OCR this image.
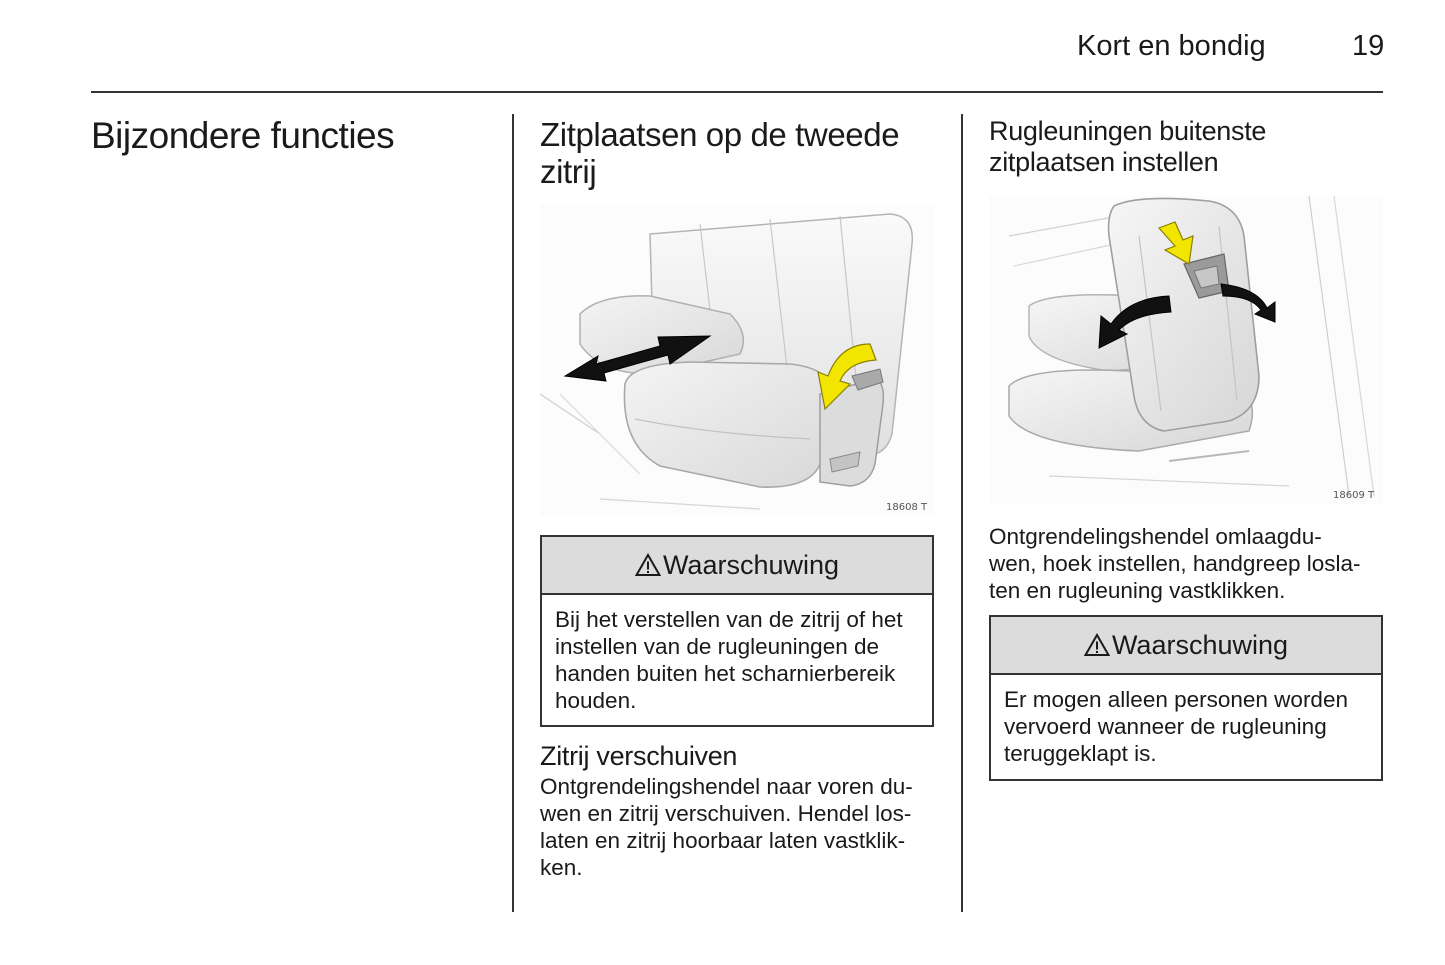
Kort en bondig	19
Bijzondere functies	Zitplaatsen op de tweede zitrij
18608 T
Waarschuwing
Bij het verstellen van de zitrij of het instellen van de rugleuningen de handen buiten het scharnierbereik houden.
Zitrij verschuiven
Ontgrendelingshendel naar voren du-
wen en zitrij verschuiven. Hendel los-
laten en zitrij hoorbaar laten vastklik-
ken.
Rugleuningen buitenste zitplaatsen instellen
18609 T
Ontgrendelingshendel omlaagdu-
wen, hoek instellen, handgreep losla-
ten en rugleuning vastklikken.
Waarschuwing
Er mogen alleen personen worden vervoerd wanneer de rugleuning teruggeklapt is.
